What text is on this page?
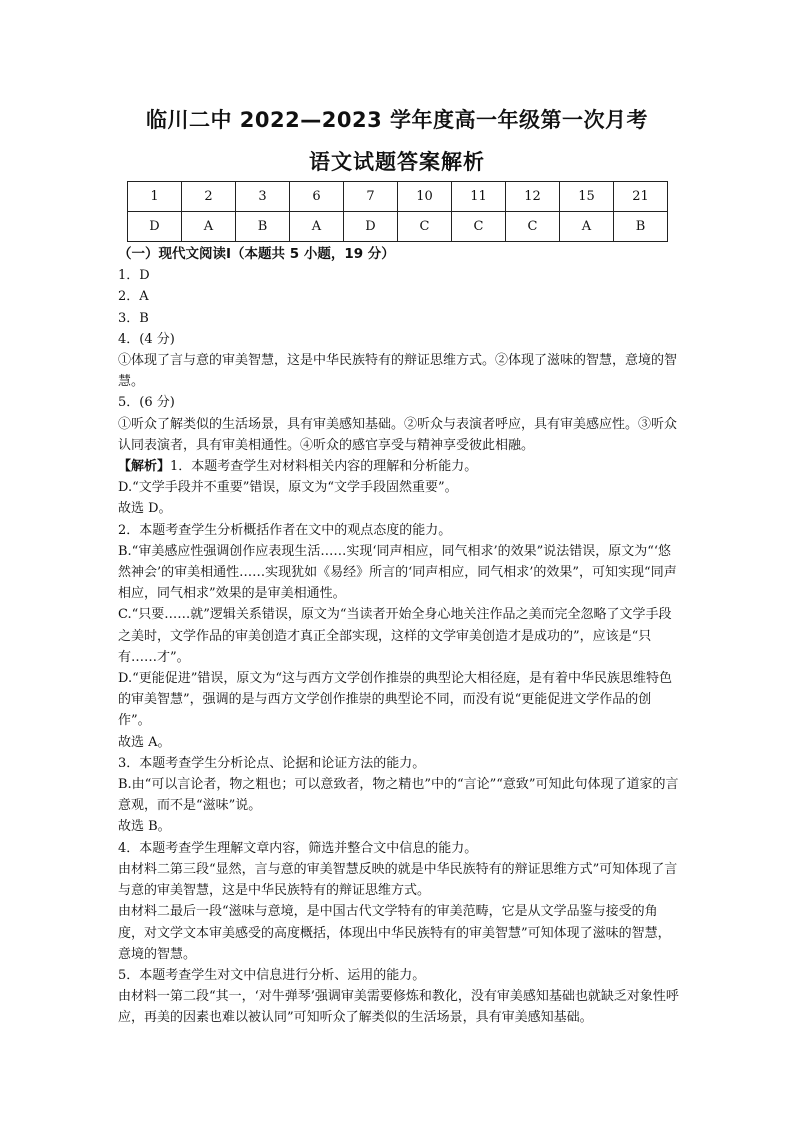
临川二中 2022—2023 学年度高一年级第一次月考
语文试题答案解析
1	2	3	6	7	10	11	12	15	21
D	A	B	A	D	C	C	C	A	B

（一）现代文阅读Ⅰ（本题共 5 小题，19 分）

1．D

2．A

3．B

4．(4 分)

①体现了言与意的审美智慧，这是中华民族特有的辩证思维方式。②体现了滋味的智慧，意境的智慧。

5．(6 分)

①听众了解类似的生活场景，具有审美感知基础。②听众与表演者呼应，具有审美感应性。③听众认同表演者，具有审美相通性。④听众的感官享受与精神享受彼此相融。

【解析】1．本题考查学生对材料相关内容的理解和分析能力。

D.“文学手段并不重要”错误，原文为“文学手段固然重要”。

故选 D。

2．本题考查学生分析概括作者在文中的观点态度的能力。

B.“审美感应性强调创作应表现生活……实现‘同声相应，同气相求’的效果”说法错误，原文为“‘悠然神会’的审美相通性……实现犹如《易经》所言的‘同声相应，同气相求’的效果”，可知实现“同声相应，同气相求”效果的是审美相通性。

C.“只要……就”逻辑关系错误，原文为“当读者开始全身心地关注作品之美而完全忽略了文学手段之美时，文学作品的审美创造才真正全部实现，这样的文学审美创造才是成功的”，应该是“只有……才”。

D.“更能促进”错误，原文为“这与西方文学创作推崇的典型论大相径庭，是有着中华民族思维特色的审美智慧”，强调的是与西方文学创作推崇的典型论不同，而没有说“更能促进文学作品的创作”。

故选 A。

3．本题考查学生分析论点、论据和论证方法的能力。

B.由“可以言论者，物之粗也；可以意致者，物之精也”中的“言论”“意致”可知此句体现了道家的言意观，而不是“滋味”说。

故选 B。

4．本题考查学生理解文章内容，筛选并整合文中信息的能力。

由材料二第三段“显然，言与意的审美智慧反映的就是中华民族特有的辩证思维方式”可知体现了言与意的审美智慧，这是中华民族特有的辩证思维方式。

由材料二最后一段“滋味与意境，是中国古代文学特有的审美范畴，它是从文学品鉴与接受的角度，对文学文本审美感受的高度概括，体现出中华民族特有的审美智慧”可知体现了滋味的智慧，意境的智慧。

5．本题考查学生对文中信息进行分析、运用的能力。

由材料一第二段“其一，‘对牛弹琴’强调审美需要修炼和教化，没有审美感知基础也就缺乏对象性呼应，再美的因素也难以被认同”可知听众了解类似的生活场景，具有审美感知基础。
